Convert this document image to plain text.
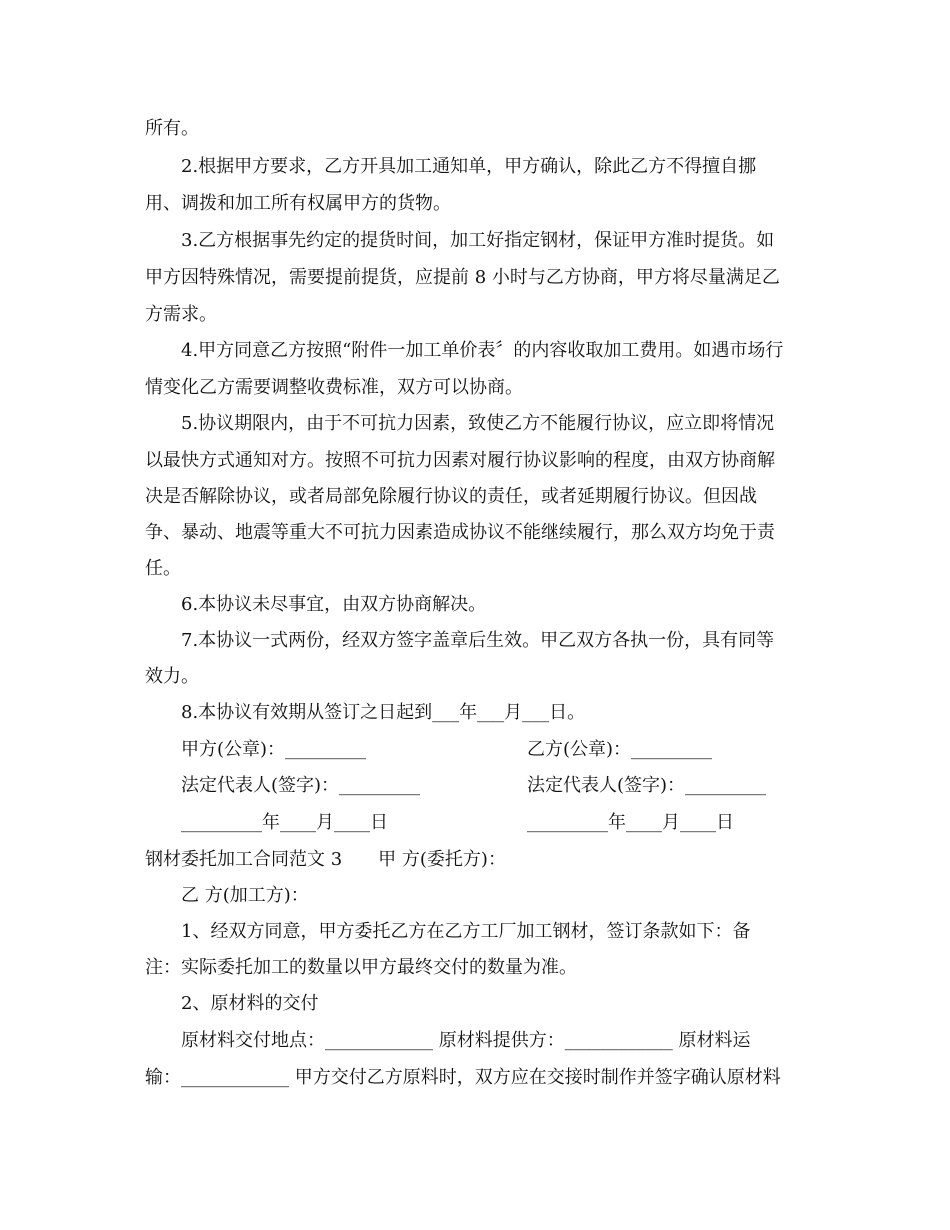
所有。
2.根据甲方要求，乙方开具加工通知单，甲方确认，除此乙方不得擅自挪
用、调拨和加工所有权属甲方的货物。
3.乙方根据事先约定的提货时间，加工好指定钢材，保证甲方准时提货。如
甲方因特殊情况，需要提前提货，应提前 8 小时与乙方协商，甲方将尽量满足乙
方需求。
4.甲方同意乙方按照“附件一加工单价表〞的内容收取加工费用。如遇市场行
情变化乙方需要调整收费标准，双方可以协商。
5.协议期限内，由于不可抗力因素，致使乙方不能履行协议，应立即将情况
以最快方式通知对方。按照不可抗力因素对履行协议影响的程度，由双方协商解
决是否解除协议，或者局部免除履行协议的责任，或者延期履行协议。但因战
争、暴动、地震等重大不可抗力因素造成协议不能继续履行，那么双方均免于责
任。
6.本协议未尽事宜，由双方协商解决。
7.本协议一式两份，经双方签字盖章后生效。甲乙双方各执一份，具有同等
效力。
8.本协议有效期从签订之日起到___年___月___日。
甲方(公章)：_________	乙方(公章)：_________
法定代表人(签字)：_________	法定代表人(签字)：_________
_________年____月____日	_________年____月____日
钢材委托加工合同范文 3　　甲 方(委托方)：
乙 方(加工方)：
1、经双方同意，甲方委托乙方在乙方工厂加工钢材，签订条款如下：备
注：实际委托加工的数量以甲方最终交付的数量为准。
2、原材料的交付
原材料交付地点：____________ 原材料提供方：____________ 原材料运
输：____________ 甲方交付乙方原料时，双方应在交接时制作并签字确认原材料
